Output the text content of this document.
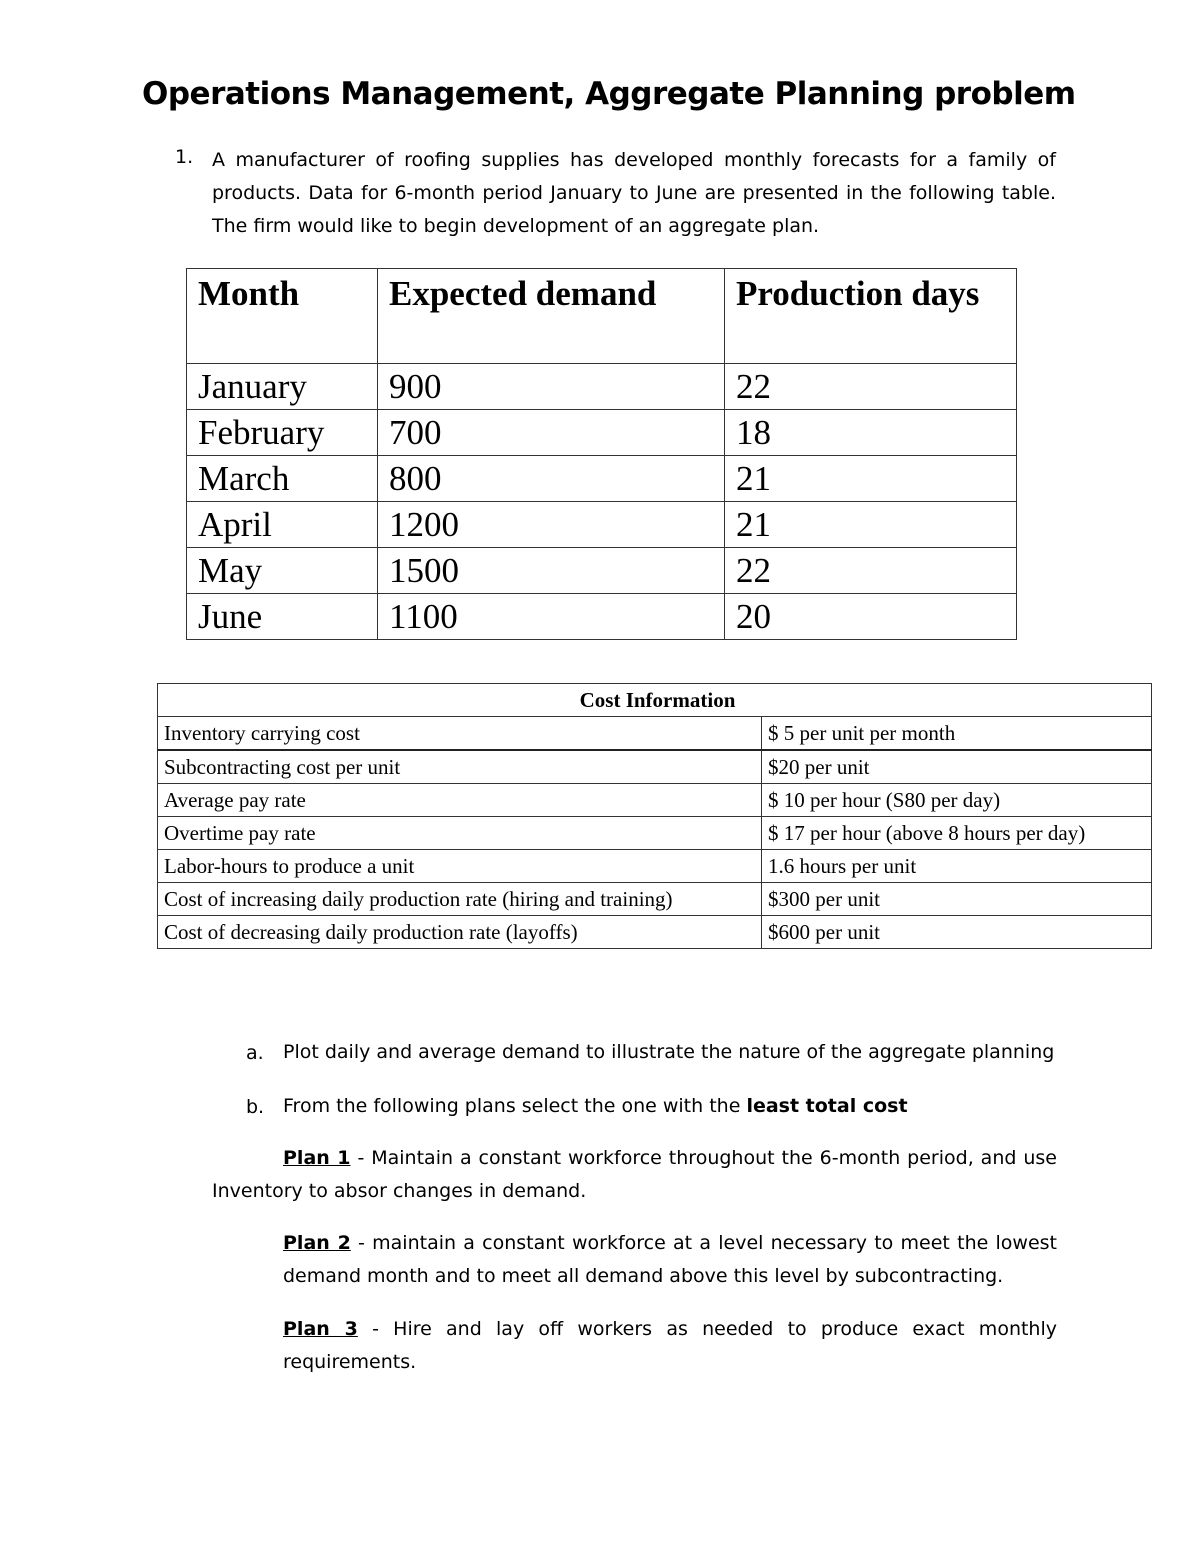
Operations Management, Aggregate Planning problem
1. A manufacturer of roofing supplies has developed monthly forecasts for a family of
products. Data for 6-month period January to June are presented in the following table.
The firm would like to begin development of an aggregate plan.
Month	Expected demand	Production days
January	900	22
February	700	18
March	800	21
April	1200	21
May	1500	22
June	1100	20
Cost Information	
Inventory carrying cost	$ 5 per unit per month
Subcontracting cost per unit	$20 per unit
Average pay rate	$ 10 per hour (S80 per day)
Overtime pay rate	$ 17 per hour (above 8 hours per day)
Labor-hours to produce a unit	1.6 hours per unit
Cost of increasing daily production rate (hiring and training)	$300 per unit
Cost of decreasing daily production rate (layoffs)	$600 per unit
a. Plot daily and average demand to illustrate the nature of the aggregate planning
b. From the following plans select the one with the least total cost
Plan 1 - Maintain a constant workforce throughout the 6-month period, and use
Inventory to absor changes in demand.
Plan 2 - maintain a constant workforce at a level necessary to meet the lowest
demand month and to meet all demand above this level by subcontracting.
Plan 3 - Hire and lay off workers as needed to produce exact monthly
requirements.
